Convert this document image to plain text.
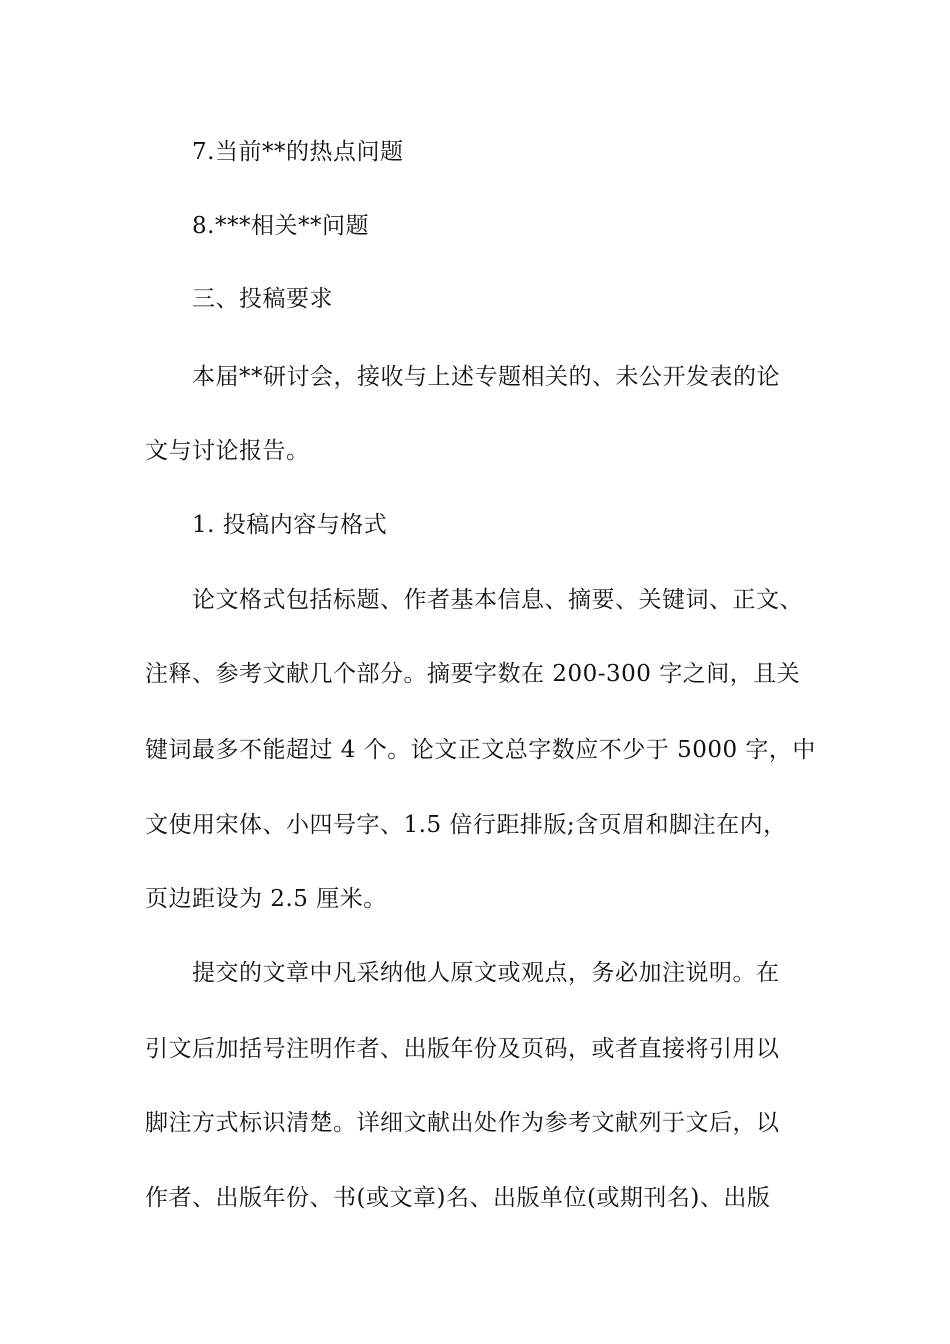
7.当前**的热点问题

8.***相关**问题

三、投稿要求

本届**研讨会，接收与上述专题相关的、未公开发表的论

文与讨论报告。

1. 投稿内容与格式

论文格式包括标题、作者基本信息、摘要、关键词、正文、

注释、参考文献几个部分。摘要字数在 200-300 字之间，且关

键词最多不能超过 4 个。论文正文总字数应不少于 5000 字，中

文使用宋体、小四号字、1.5 倍行距排版;含页眉和脚注在内，

页边距设为 2.5 厘米。

提交的文章中凡采纳他人原文或观点，务必加注说明。在

引文后加括号注明作者、出版年份及页码，或者直接将引用以

脚注方式标识清楚。详细文献出处作为参考文献列于文后，以

作者、出版年份、书(或文章)名、出版单位(或期刊名)、出版
